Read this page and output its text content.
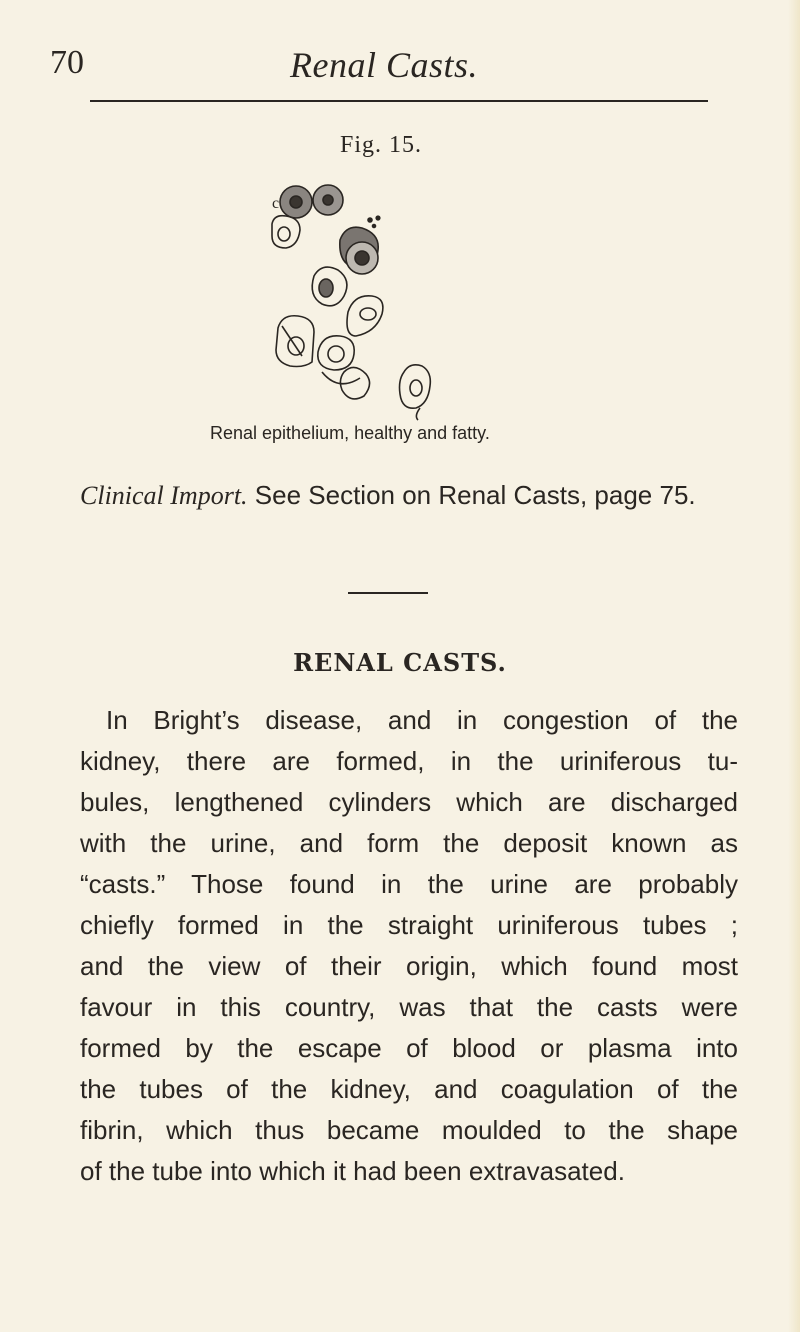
70	Renal Casts.
Fig. 15.
c
Renal epithelium, healthy and fatty.
Clinical Import. See Section on Renal Casts, page 75.
RENAL CASTS.
In Bright’s disease, and in congestion of the
kidney, there are formed, in the uriniferous tu-
bules, lengthened cylinders which are discharged
with the urine, and form the deposit known as
“casts.” Those found in the urine are probably
chiefly formed in the straight uriniferous tubes ;
and the view of their origin, which found most
favour in this country, was that the casts were
formed by the escape of blood or plasma into
the tubes of the kidney, and coagulation of the
fibrin, which thus became moulded to the shape
of the tube into which it had been extravasated.
